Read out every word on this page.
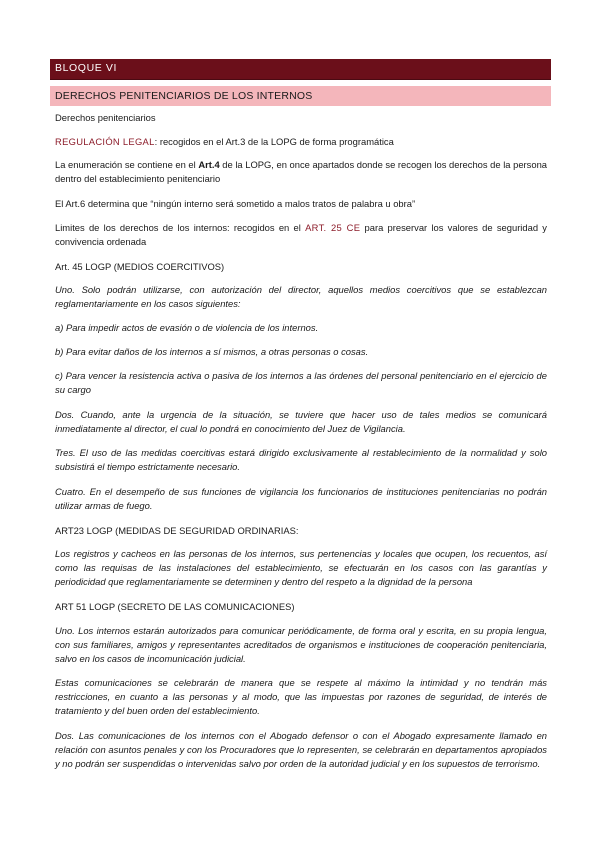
BLOQUE VI
DERECHOS PENITENCIARIOS DE LOS INTERNOS
Derechos penitenciarios
REGULACIÓN LEGAL: recogidos en el Art.3 de la LOPG de forma programática
La enumeración se contiene en el Art.4 de la LOPG, en once apartados donde se recogen los derechos de la persona dentro del establecimiento penitenciario
El Art.6 determina que “ningún interno será sometido a malos tratos de palabra u obra”
Limites de los derechos de los internos: recogidos en el ART. 25 CE para preservar los valores de seguridad y convivencia ordenada
Art. 45 LOGP (MEDIOS COERCITIVOS)
Uno. Solo podrán utilizarse, con autorización del director, aquellos medios coercitivos que se establezcan reglamentariamente en los casos siguientes:
a) Para impedir actos de evasión o de violencia de los internos.
b) Para evitar daños de los internos a sí mismos, a otras personas o cosas.
c) Para vencer la resistencia activa o pasiva de los internos a las órdenes del personal penitenciario en el ejercicio de su cargo
Dos. Cuando, ante la urgencia de la situación, se tuviere que hacer uso de tales medios se comunicará inmediatamente al director, el cual lo pondrá en conocimiento del Juez de Vigilancia.
Tres. El uso de las medidas coercitivas estará dirigido exclusivamente al restablecimiento de la normalidad y solo subsistirá el tiempo estrictamente necesario.
Cuatro. En el desempeño de sus funciones de vigilancia los funcionarios de instituciones penitenciarias no podrán utilizar armas de fuego.
ART23 LOGP (MEDIDAS DE SEGURIDAD ORDINARIAS:
Los registros y cacheos en las personas de los internos, sus pertenencias y locales que ocupen, los recuentos, así como las requisas de las instalaciones del establecimiento, se efectuarán en los casos con las garantías y periodicidad que reglamentariamente se determinen y dentro del respeto a la dignidad de la persona
ART 51 LOGP (SECRETO DE LAS COMUNICACIONES)
Uno. Los internos estarán autorizados para comunicar periódicamente, de forma oral y escrita, en su propia lengua, con sus familiares, amigos y representantes acreditados de organismos e instituciones de cooperación penitenciaria, salvo en los casos de incomunicación judicial.
Estas comunicaciones se celebrarán de manera que se respete al máximo la intimidad y no tendrán más restricciones, en cuanto a las personas y al modo, que las impuestas por razones de seguridad, de interés de tratamiento y del buen orden del establecimiento.
Dos. Las comunicaciones de los internos con el Abogado defensor o con el Abogado expresamente llamado en relación con asuntos penales y con los Procuradores que lo representen, se celebrarán en departamentos apropiados y no podrán ser suspendidas o intervenidas salvo por orden de la autoridad judicial y en los supuestos de terrorismo.
